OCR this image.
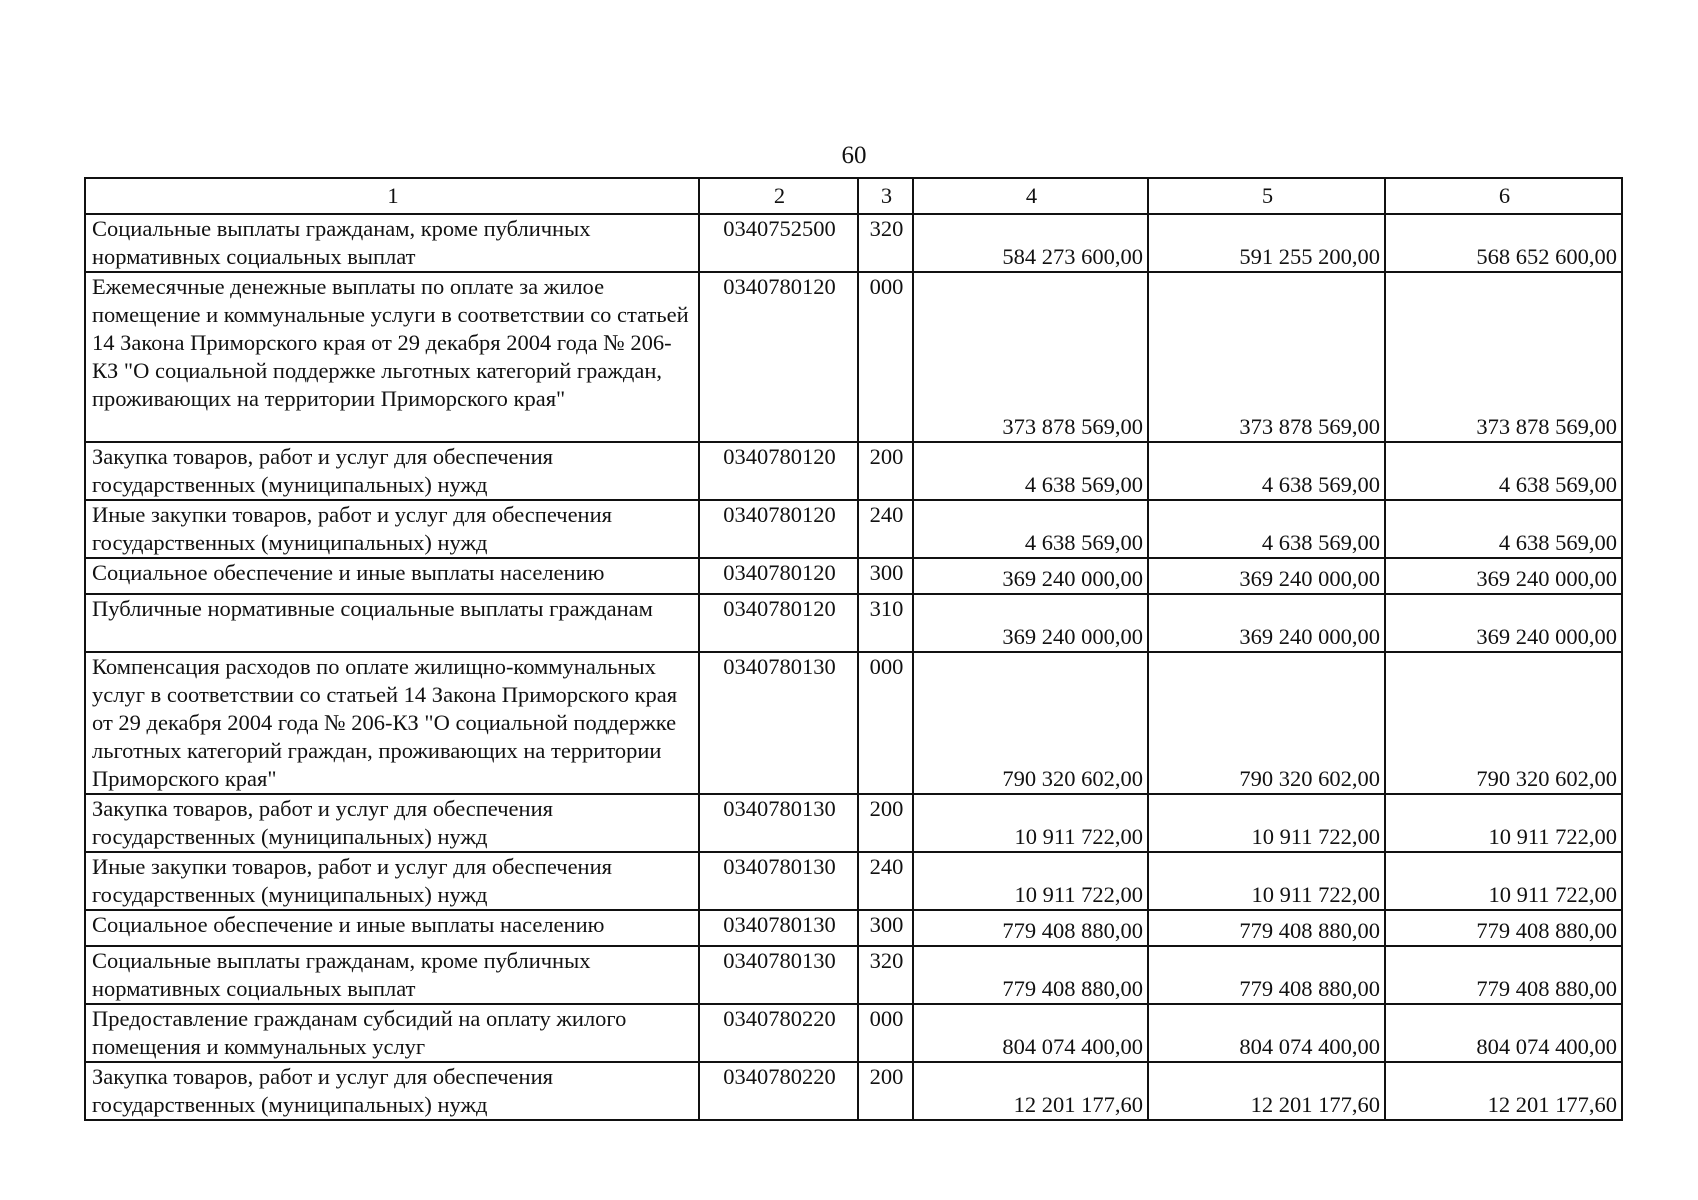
60
1	2	3	4	5	6
Социальные выплаты гражданам, кроме публичных нормативных социальных выплат	0340752500	320	584 273 600,00	591 255 200,00	568 652 600,00
Ежемесячные денежные выплаты по оплате за жилое помещение и коммунальные услуги в соответствии со статьей 14 Закона Приморского края от 29 декабря 2004 года № 206-КЗ "О социальной поддержке льготных категорий граждан, проживающих на территории Приморского края"	0340780120	000	373 878 569,00	373 878 569,00	373 878 569,00
Закупка товаров, работ и услуг для обеспечения государственных (муниципальных) нужд	0340780120	200	4 638 569,00	4 638 569,00	4 638 569,00
Иные закупки товаров, работ и услуг для обеспечения государственных (муниципальных) нужд	0340780120	240	4 638 569,00	4 638 569,00	4 638 569,00
Социальное обеспечение и иные выплаты населению	0340780120	300	369 240 000,00	369 240 000,00	369 240 000,00
Публичные нормативные социальные выплаты гражданам	0340780120	310	369 240 000,00	369 240 000,00	369 240 000,00
Компенсация расходов по оплате жилищно-коммунальных услуг в соответствии со статьей 14 Закона Приморского края от 29 декабря 2004 года № 206-КЗ "О социальной поддержке льготных категорий граждан, проживающих на территории Приморского края"	0340780130	000	790 320 602,00	790 320 602,00	790 320 602,00
Закупка товаров, работ и услуг для обеспечения государственных (муниципальных) нужд	0340780130	200	10 911 722,00	10 911 722,00	10 911 722,00
Иные закупки товаров, работ и услуг для обеспечения государственных (муниципальных) нужд	0340780130	240	10 911 722,00	10 911 722,00	10 911 722,00
Социальное обеспечение и иные выплаты населению	0340780130	300	779 408 880,00	779 408 880,00	779 408 880,00
Социальные выплаты гражданам, кроме публичных нормативных социальных выплат	0340780130	320	779 408 880,00	779 408 880,00	779 408 880,00
Предоставление гражданам субсидий на оплату жилого помещения и коммунальных услуг	0340780220	000	804 074 400,00	804 074 400,00	804 074 400,00
Закупка товаров, работ и услуг для обеспечения государственных (муниципальных) нужд	0340780220	200	12 201 177,60	12 201 177,60	12 201 177,60
